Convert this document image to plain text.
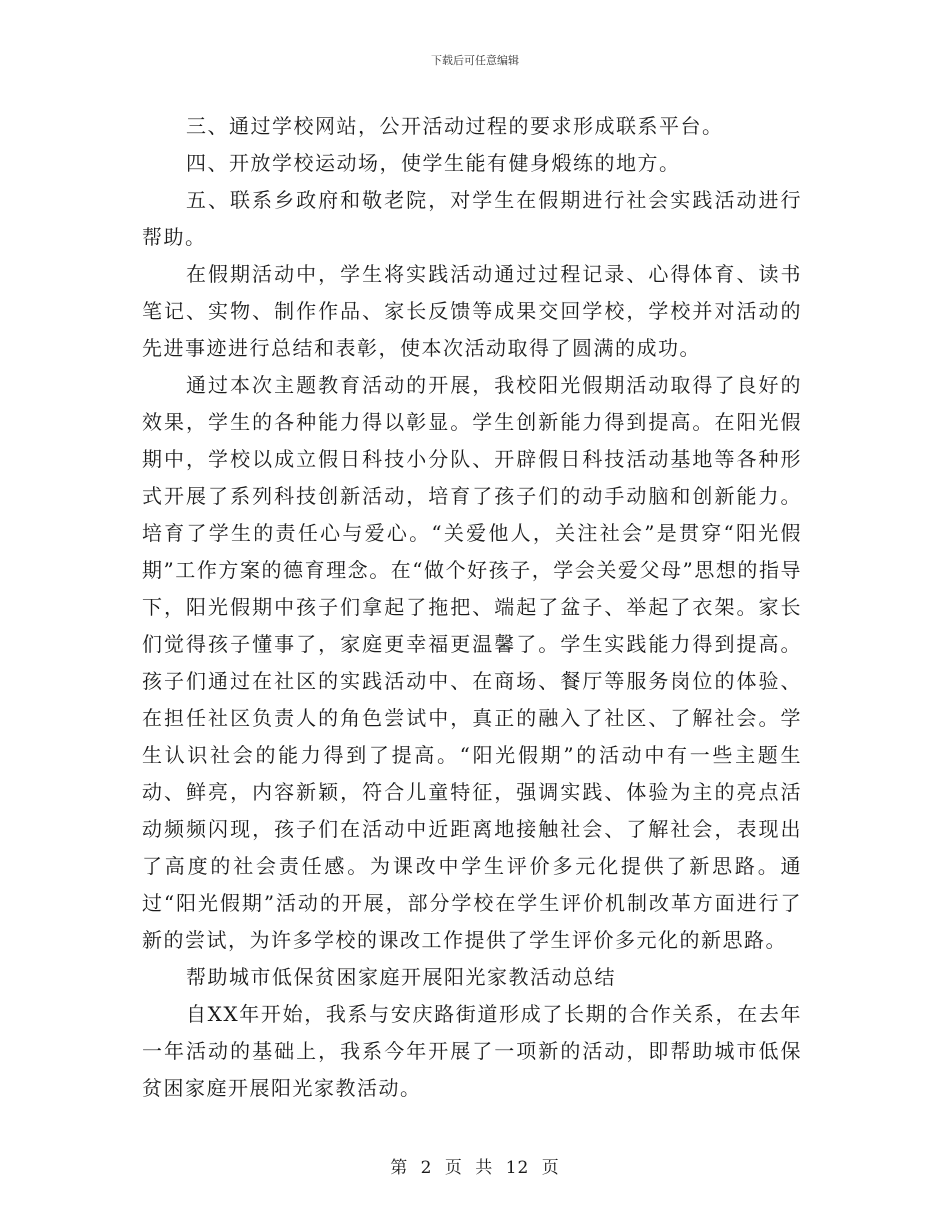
下载后可任意编辑

三、通过学校网站，公开活动过程的要求形成联系平台。

四、开放学校运动场，使学生能有健身煅练的地方。

五、联系乡政府和敬老院，对学生在假期进行社会实践活动进行帮助。

在假期活动中，学生将实践活动通过过程记录、心得体育、读书笔记、实物、制作作品、家长反馈等成果交回学校，学校并对活动的先进事迹进行总结和表彰，使本次活动取得了圆满的成功。

通过本次主题教育活动的开展，我校阳光假期活动取得了良好的效果，学生的各种能力得以彰显。学生创新能力得到提高。在阳光假期中，学校以成立假日科技小分队、开辟假日科技活动基地等各种形式开展了系列科技创新活动，培育了孩子们的动手动脑和创新能力。培育了学生的责任心与爱心。“关爱他人，关注社会”是贯穿“阳光假期”工作方案的德育理念。在“做个好孩子，学会关爱父母”思想的指导下，阳光假期中孩子们拿起了拖把、端起了盆子、举起了衣架。家长们觉得孩子懂事了，家庭更幸福更温馨了。学生实践能力得到提高。孩子们通过在社区的实践活动中、在商场、餐厅等服务岗位的体验、在担任社区负责人的角色尝试中，真正的融入了社区、了解社会。学生认识社会的能力得到了提高。“阳光假期”的活动中有一些主题生动、鲜亮，内容新颖，符合儿童特征，强调实践、体验为主的亮点活动频频闪现，孩子们在活动中近距离地接触社会、了解社会，表现出了高度的社会责任感。为课改中学生评价多元化提供了新思路。通过“阳光假期”活动的开展，部分学校在学生评价机制改革方面进行了新的尝试，为许多学校的课改工作提供了学生评价多元化的新思路。

帮助城市低保贫困家庭开展阳光家教活动总结

自XX年开始，我系与安庆路街道形成了长期的合作关系，在去年一年活动的基础上，我系今年开展了一项新的活动，即帮助城市低保贫困家庭开展阳光家教活动。

第 2 页 共 12 页
